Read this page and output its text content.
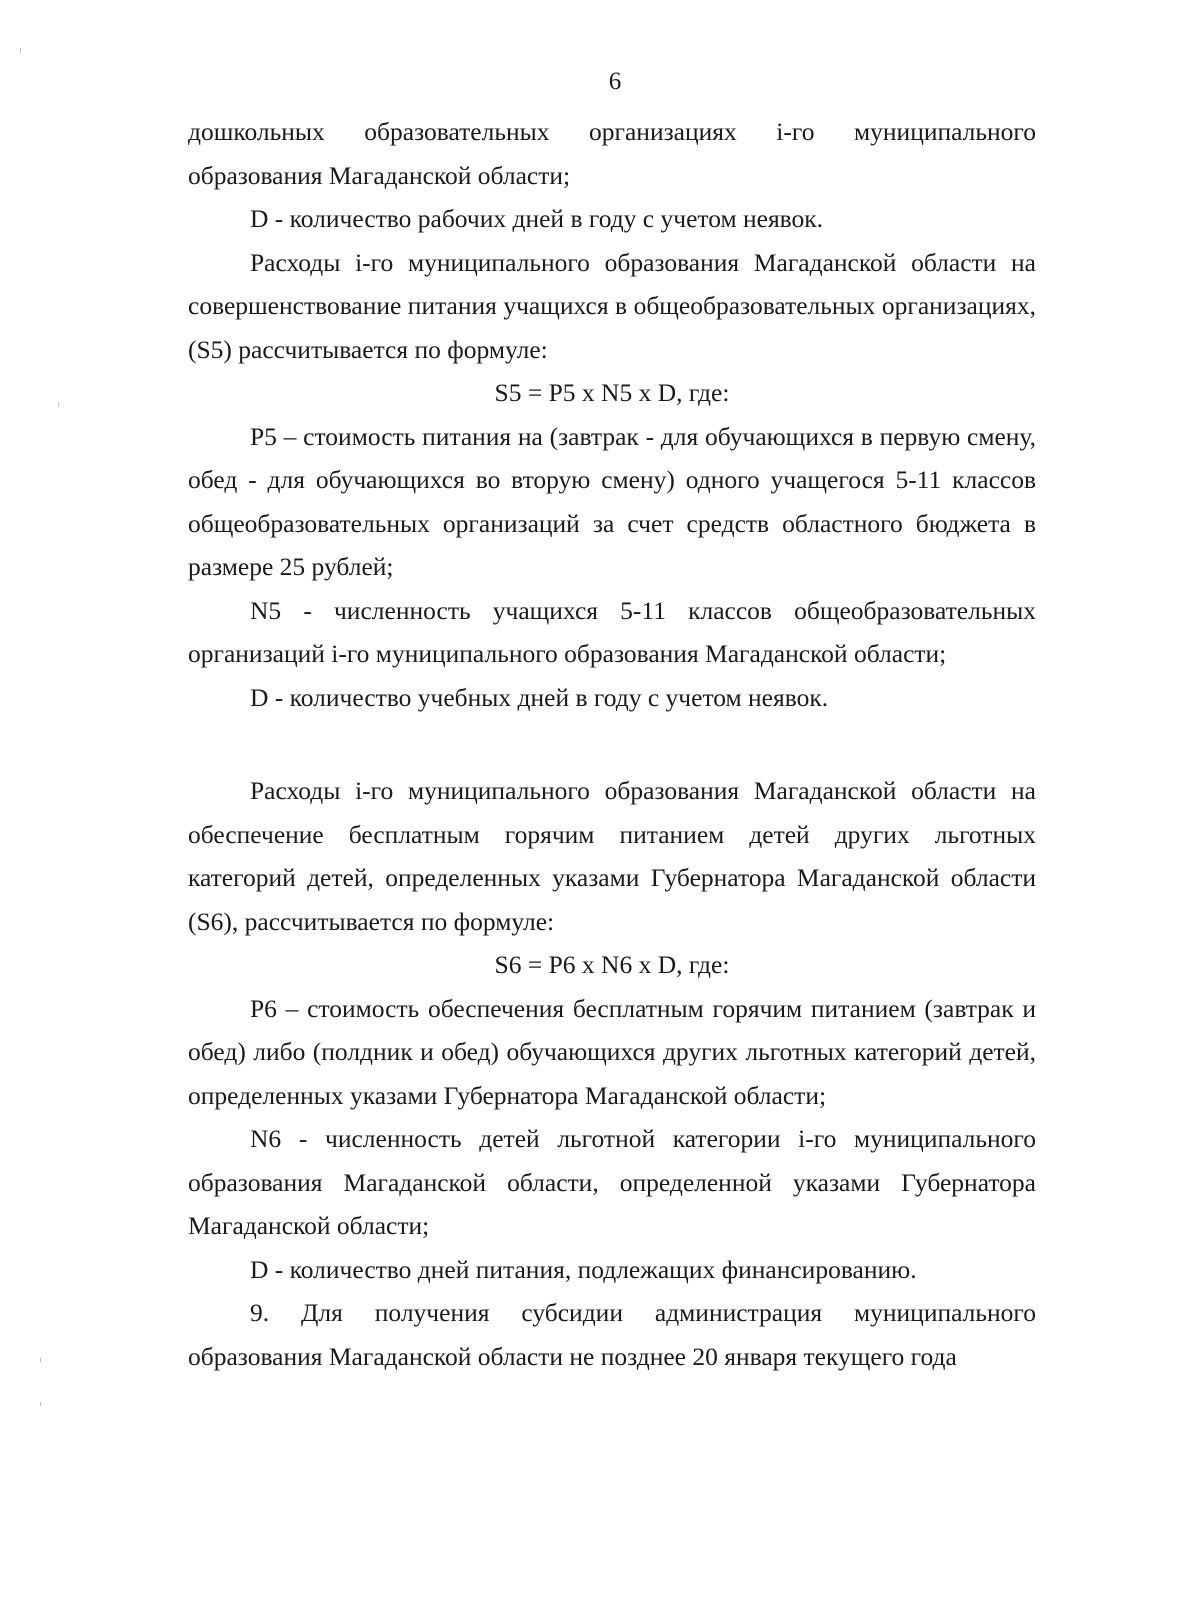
6

дошкольных образовательных организациях i-го муниципального образования Магаданской области;

D - количество рабочих дней в году с учетом неявок.

Расходы i-го муниципального образования Магаданской области на совершенствование питания учащихся в общеобразовательных организациях, (S5) рассчитывается по формуле:

S5 = P5 x N5 x D, где:

P5 – стоимость питания на (завтрак - для обучающихся в первую смену, обед - для обучающихся во вторую смену) одного учащегося 5-11 классов общеобразовательных организаций за счет средств областного бюджета в размере 25 рублей;

N5 - численность учащихся 5-11 классов общеобразовательных организаций i-го муниципального образования Магаданской области;

D - количество учебных дней в году с учетом неявок.

Расходы i-го муниципального образования Магаданской области на обеспечение бесплатным горячим питанием детей других льготных категорий детей, определенных указами Губернатора Магаданской области (S6), рассчитывается по формуле:

S6 = P6 x N6 x D, где:

P6 – стоимость обеспечения бесплатным горячим питанием (завтрак и обед) либо (полдник и обед) обучающихся других льготных категорий детей, определенных указами Губернатора Магаданской области;

N6 - численность детей льготной категории i-го муниципального образования Магаданской области, определенной указами Губернатора Магаданской области;

D - количество дней питания, подлежащих финансированию.

9. Для получения субсидии администрация муниципального образования Магаданской области не позднее 20 января текущего года
